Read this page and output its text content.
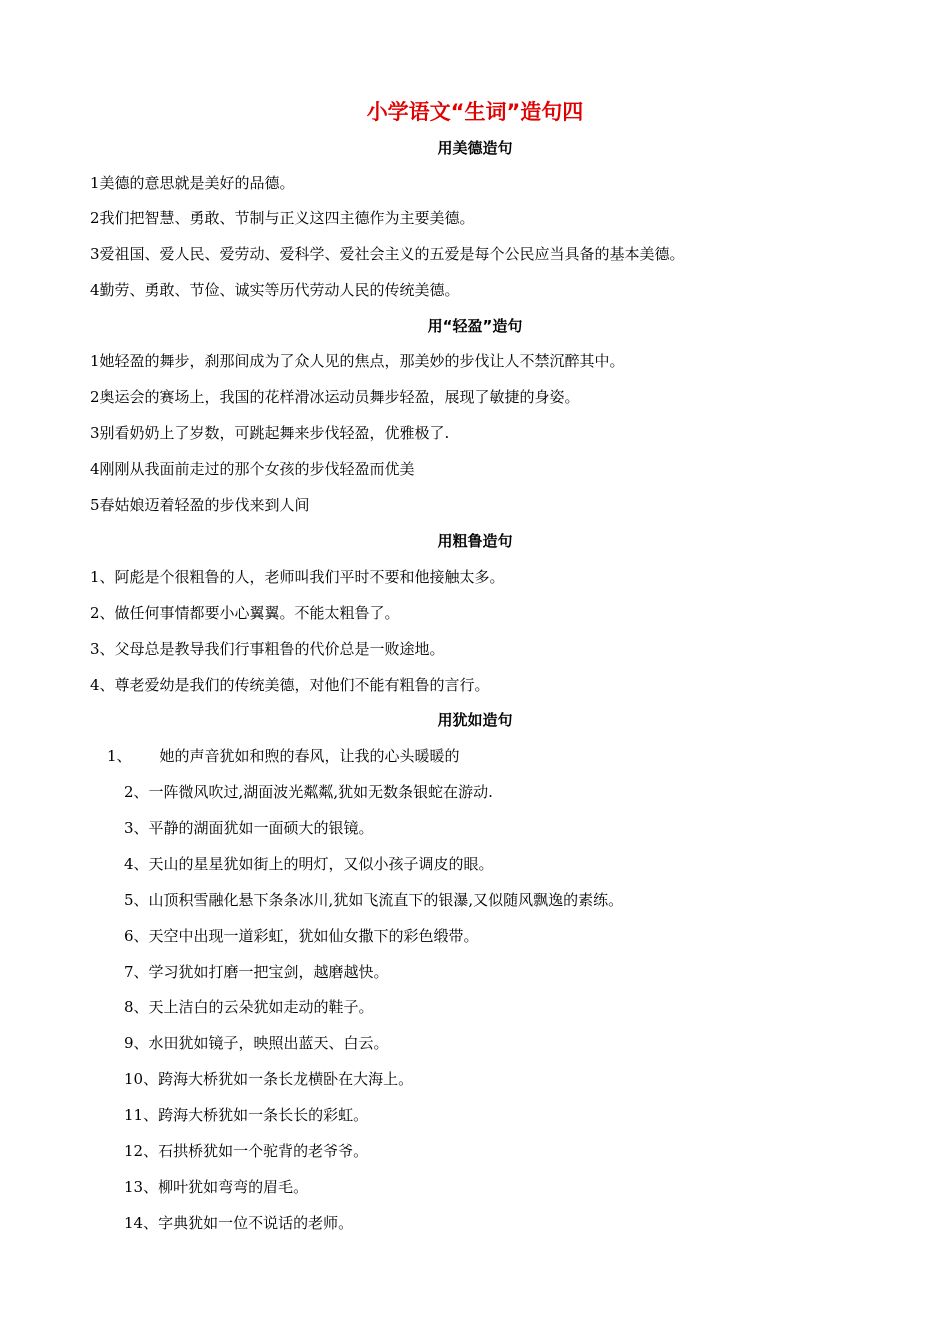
小学语文“生词”造句四
用美德造句
1美德的意思就是美好的品德。
2我们把智慧、勇敢、节制与正义这四主德作为主要美德。
3爱祖国、爱人民、爱劳动、爱科学、爱社会主义的五爱是每个公民应当具备的基本美德。
4勤劳、勇敢、节俭、诚实等历代劳动人民的传统美德。
用“轻盈”造句
1她轻盈的舞步，刹那间成为了众人见的焦点，那美妙的步伐让人不禁沉醉其中。
2奥运会的赛场上，我国的花样滑冰运动员舞步轻盈，展现了敏捷的身姿。
3别看奶奶上了岁数，可跳起舞来步伐轻盈，优雅极了.
4刚刚从我面前走过的那个女孩的步伐轻盈而优美
5春姑娘迈着轻盈的步伐来到人间
用粗鲁造句
1、阿彪是个很粗鲁的人，老师叫我们平时不要和他接触太多。
2、做任何事情都要小心翼翼。不能太粗鲁了。
3、父母总是教导我们行事粗鲁的代价总是一败途地。
4、尊老爱幼是我们的传统美德，对他们不能有粗鲁的言行。
用犹如造句
1、 她的声音犹如和煦的春风，让我的心头暖暖的
2、一阵微风吹过,湖面波光粼粼,犹如无数条银蛇在游动.
3、平静的湖面犹如一面硕大的银镜。
4、天山的星星犹如街上的明灯，又似小孩子调皮的眼。
5、山顶积雪融化悬下条条冰川,犹如飞流直下的银瀑,又似随风飘逸的素练。
6、天空中出现一道彩虹，犹如仙女撒下的彩色缎带。
7、学习犹如打磨一把宝剑，越磨越快。
8、天上洁白的云朵犹如走动的鞋子。
9、水田犹如镜子，映照出蓝天、白云。
10、跨海大桥犹如一条长龙横卧在大海上。
11、跨海大桥犹如一条长长的彩虹。
12、石拱桥犹如一个驼背的老爷爷。
13、柳叶犹如弯弯的眉毛。
14、字典犹如一位不说话的老师。
